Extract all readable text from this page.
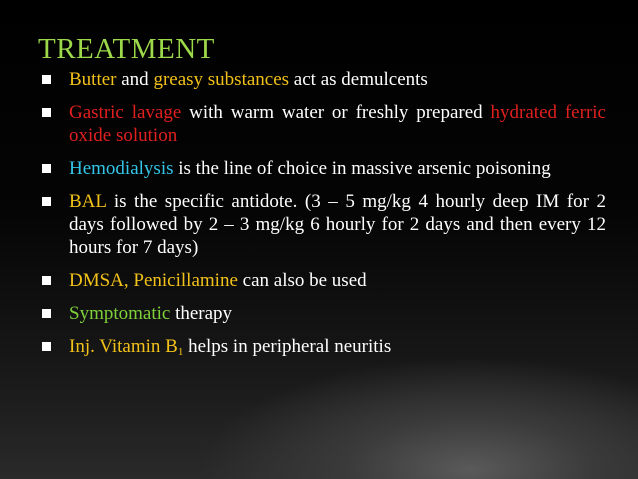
TREATMENT
Butter and greasy substances act as demulcents
Gastric lavage with warm water or freshly prepared hydrated ferric oxide solution
Hemodialysis is the line of choice in massive arsenic poisoning
BAL is the specific antidote. (3 – 5 mg/kg 4 hourly deep IM for 2 days followed by 2 – 3 mg/kg 6 hourly for 2 days and then every 12 hours for 7 days)
DMSA, Penicillamine can also be used
Symptomatic therapy
Inj. Vitamin $B_1$ helps in peripheral neuritis
